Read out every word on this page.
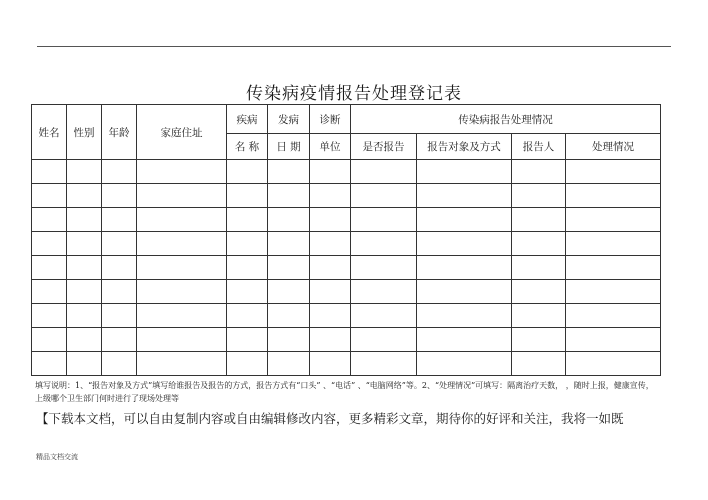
传染病疫情报告处理登记表
姓名	性别	年龄	家庭住址	疾病	发病	诊断	传染病报告处理情况			
				名 称	日 期	单位	是否报告	报告对象及方式	报告人	处理情况

填写说明：1、“报告对象及方式”填写给谁报告及报告的方式，报告方式有“口头” 、“电话” 、“电脑网络”等。2、“处理情况”可填写：隔离治疗天数， ，随时上报，健康宣传，上级哪个卫生部门何时进行了现场处理等
【下载本文档，可以自由复制内容或自由编辑修改内容，更多精彩文章，期待你的好评和关注，我将一如既
精品文档交流
